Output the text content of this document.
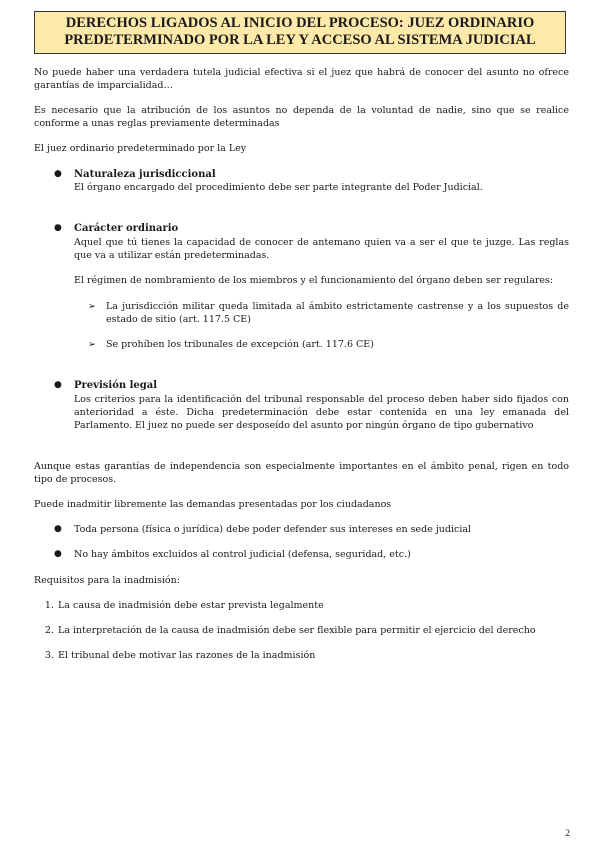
DERECHOS LIGADOS AL INICIO DEL PROCESO: JUEZ ORDINARIO PREDETERMINADO POR LA LEY Y ACCESO AL SISTEMA JUDICIAL

No puede haber una verdadera tutela judicial efectiva si el juez que habrá de conocer del asunto no ofrece garantías de imparcialidad…

Es necesario que la atribución de los asuntos no dependa de la voluntad de nadie, sino que se realice conforme a unas reglas previamente determinadas

El juez ordinario predeterminado por la Ley

● Naturaleza jurisdiccional

El órgano encargado del procedimiento debe ser parte integrante del Poder Judicial.

● Carácter ordinario

Aquel que tú tienes la capacidad de conocer de antemano quien va a ser el que te juzge. Las reglas que va a utilizar están predeterminadas.

El régimen de nombramiento de los miembros y el funcionamiento del órgano deben ser regulares:

➢ La jurisdicción militar queda limitada al ámbito estrictamente castrense y a los supuestos de estado de sitio (art. 117.5 CE)

➢ Se prohíben los tribunales de excepción (art. 117.6 CE)

● Previsión legal

Los criterios para la identificación del tribunal responsable del proceso deben haber sido fijados con anterioridad a éste. Dicha predeterminación debe estar contenida en una ley emanada del Parlamento. El juez no puede ser desposeído del asunto por ningún órgano de tipo gubernativo

Aunque estas garantías de independencia son especialmente importantes en el ámbito penal, rigen en todo tipo de procesos.

Puede inadmitir libremente las demandas presentadas por los ciudadanos

● Toda persona (física o jurídica) debe poder defender sus intereses en sede judicial

● No hay ámbitos excluidos al control judicial (defensa, seguridad, etc.)

Requisitos para la inadmisión:

1. La causa de inadmisión debe estar prevista legalmente

2. La interpretación de la causa de inadmisión debe ser flexible para permitir el ejercicio del derecho

3. El tribunal debe motivar las razones de la inadmisión

2
